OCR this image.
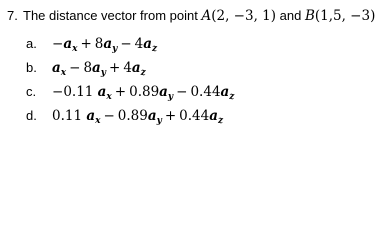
7. The distance vector from point A(2, −3, 1) and B(1,5, −3)
a. $-a_x + 8a_y - 4a_z$
b. $a_x - 8a_y + 4a_z$
c. −0.11 $a_x + 0.89a_y - 0.44a_z$
d. 0.11 $a_x - 0.89a_y + 0.44a_z$
